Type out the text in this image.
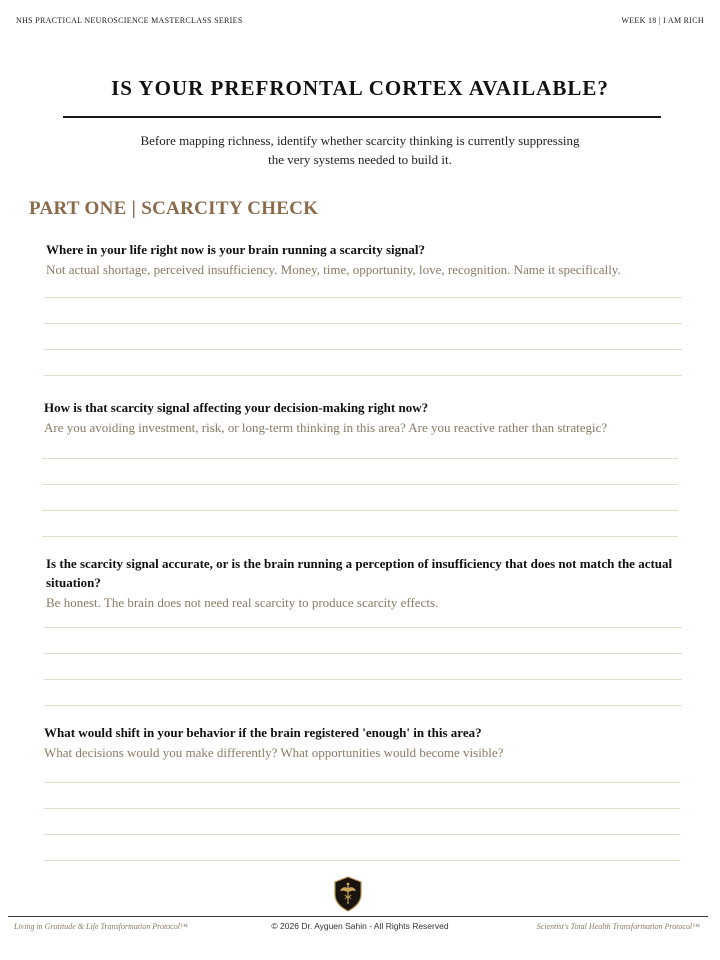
NHS PRACTICAL NEUROSCIENCE MASTERCLASS SERIES	WEEK 18 | I AM RICH
IS YOUR PREFRONTAL CORTEX AVAILABLE?
Before mapping richness, identify whether scarcity thinking is currently suppressing
the very systems needed to build it.
PART ONE | SCARCITY CHECK

Where in your life right now is your brain running a scarcity signal?

Not actual shortage, perceived insufficiency. Money, time, opportunity, love, recognition. Name it specifically.

How is that scarcity signal affecting your decision-making right now?

Are you avoiding investment, risk, or long-term thinking in this area? Are you reactive rather than strategic?

Is the scarcity signal accurate, or is the brain running a perception of insufficiency that does not match the actual situation?

Be honest. The brain does not need real scarcity to produce scarcity effects.

What would shift in your behavior if the brain registered 'enough' in this area?

What decisions would you make differently? What opportunities would become visible?

Living in Gratitude & Life Transformation Protocol™	© 2026 Dr. Ayguen Sahin - All Rights Reserved	Scientist's Total Health Transformation Protocol™
